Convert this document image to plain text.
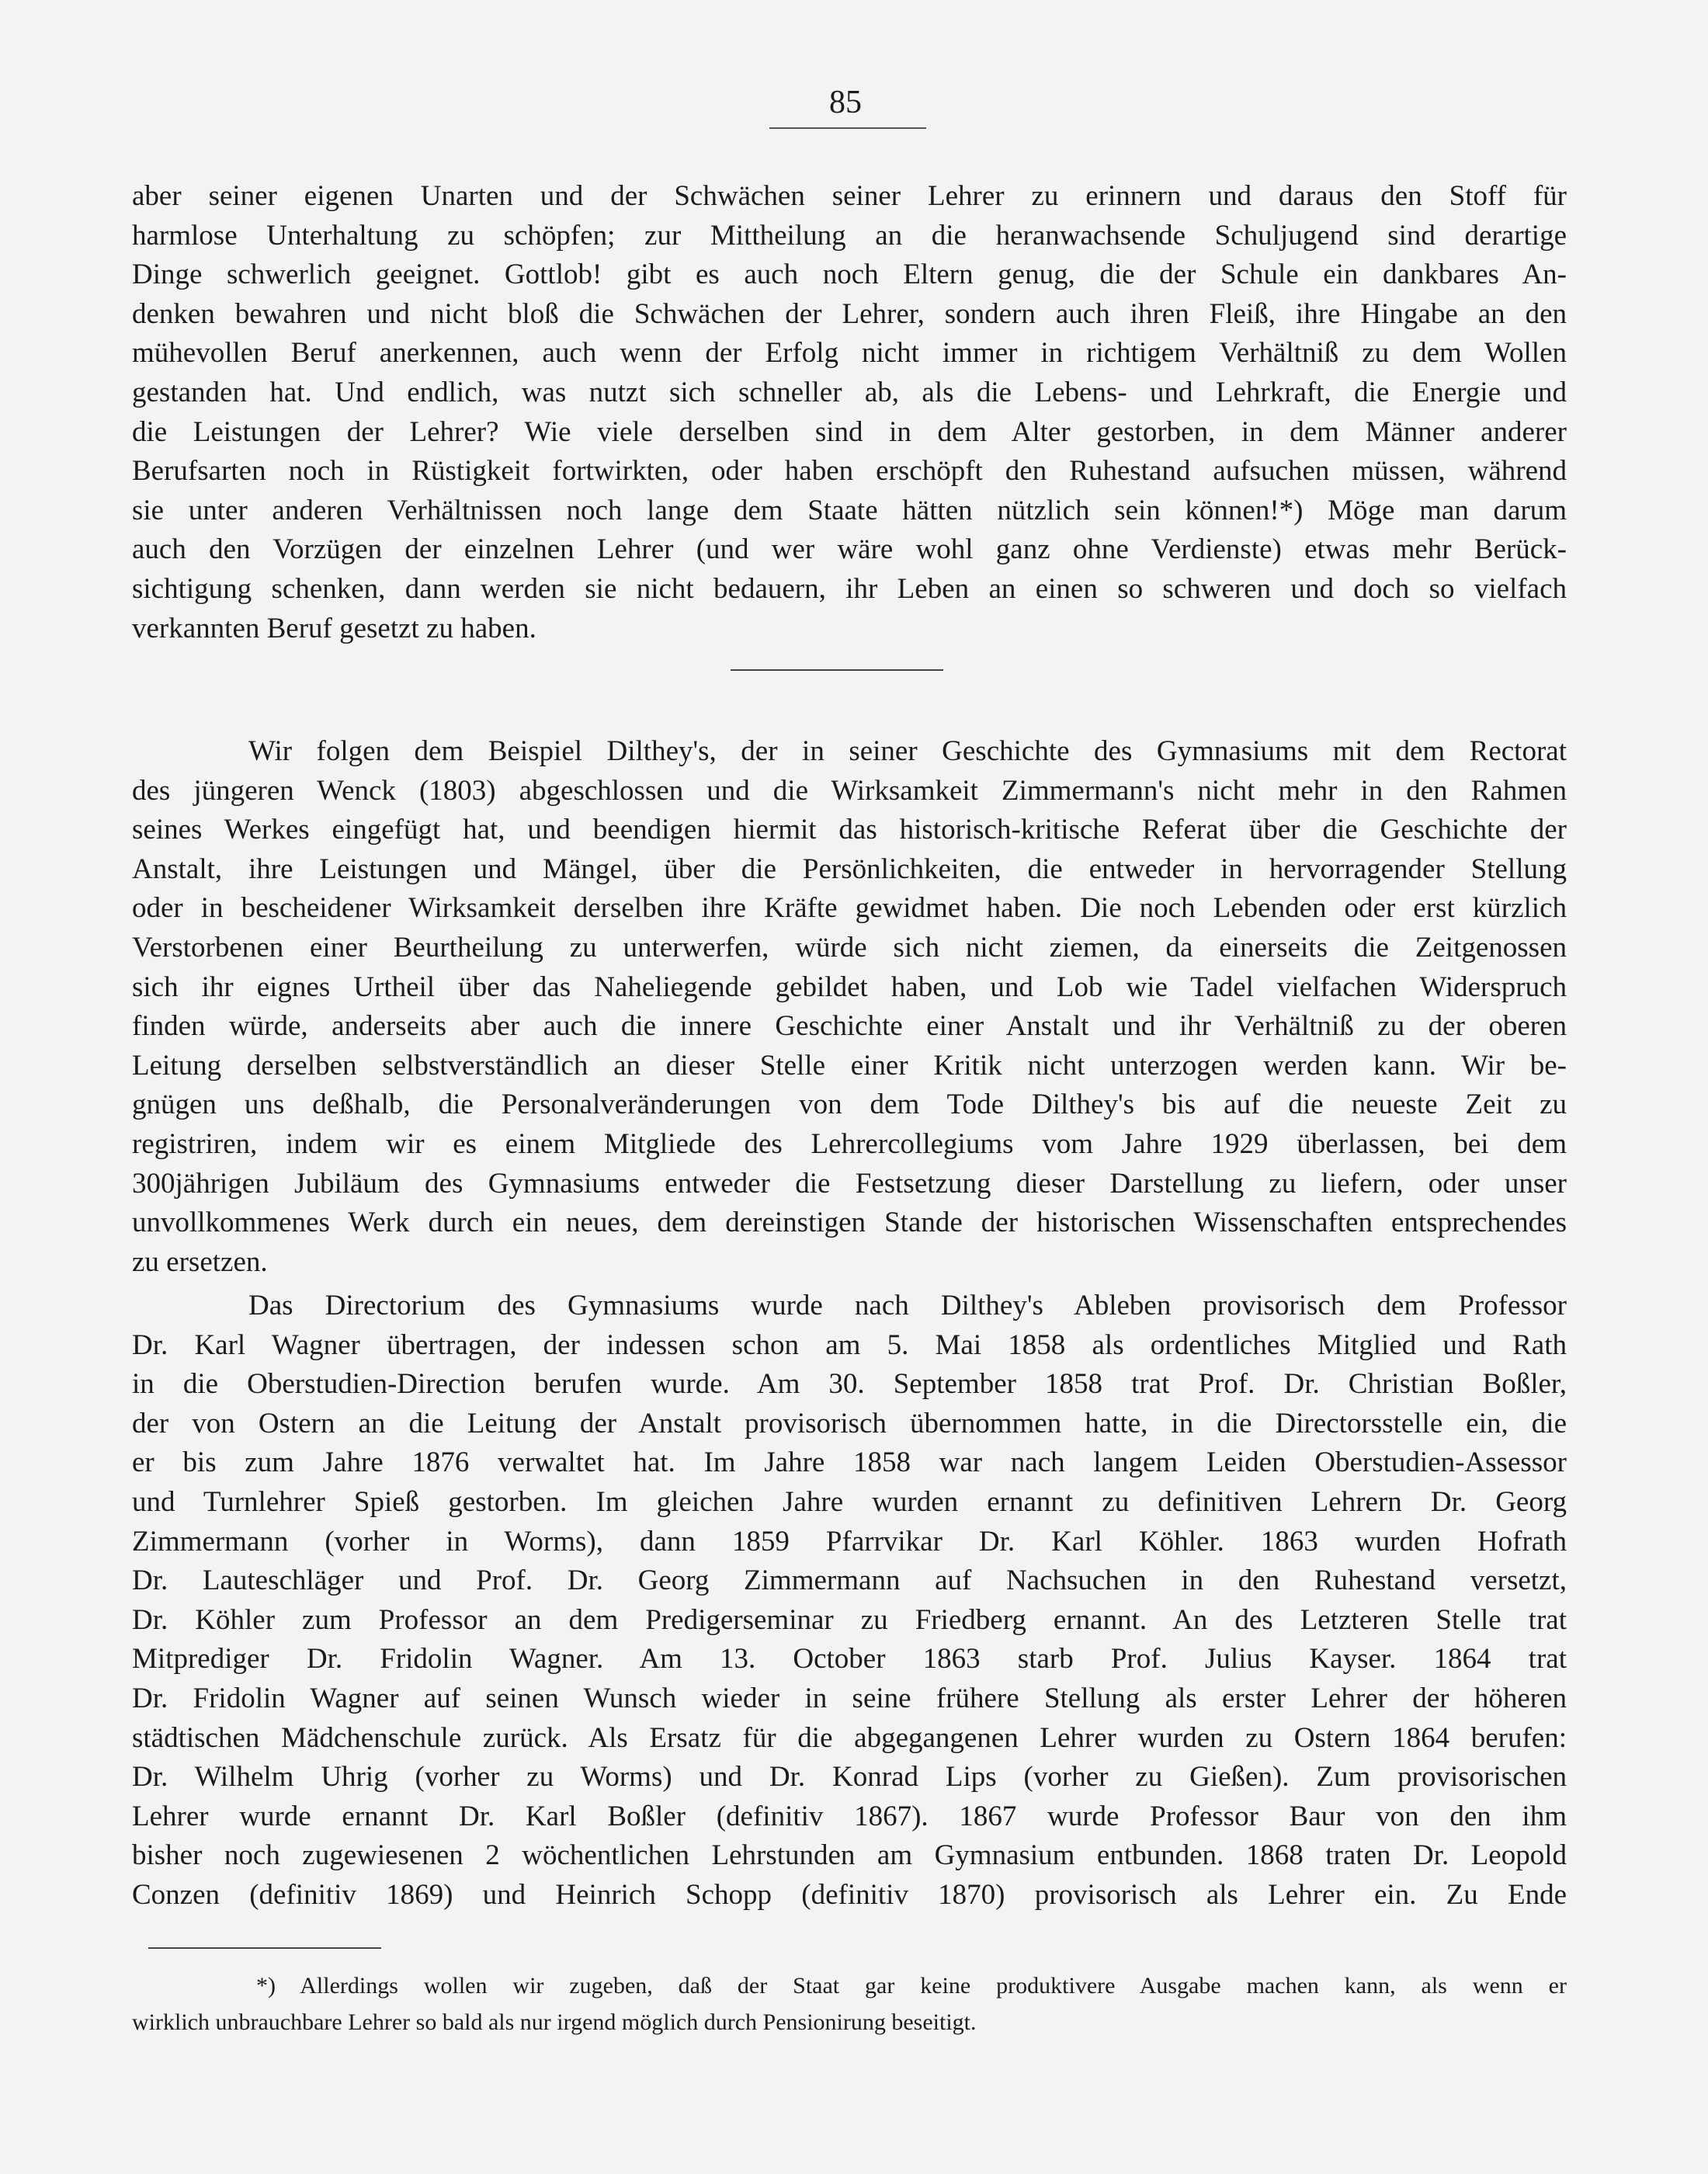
85
aber seiner eigenen Unarten und der Schwächen seiner Lehrer zu erinnern und daraus den Stoff für
harmlose Unterhaltung zu schöpfen; zur Mittheilung an die heranwachsende Schuljugend sind derartige
Dinge schwerlich geeignet. Gottlob! gibt es auch noch Eltern genug, die der Schule ein dankbares An-
denken bewahren und nicht bloß die Schwächen der Lehrer, sondern auch ihren Fleiß, ihre Hingabe an den
mühevollen Beruf anerkennen, auch wenn der Erfolg nicht immer in richtigem Verhältniß zu dem Wollen
gestanden hat. Und endlich, was nutzt sich schneller ab, als die Lebens- und Lehrkraft, die Energie und
die Leistungen der Lehrer? Wie viele derselben sind in dem Alter gestorben, in dem Männer anderer
Berufsarten noch in Rüstigkeit fortwirkten, oder haben erschöpft den Ruhestand aufsuchen müssen, während
sie unter anderen Verhältnissen noch lange dem Staate hätten nützlich sein können!*) Möge man darum
auch den Vorzügen der einzelnen Lehrer (und wer wäre wohl ganz ohne Verdienste) etwas mehr Berück-
sichtigung schenken, dann werden sie nicht bedauern, ihr Leben an einen so schweren und doch so vielfach
verkannten Beruf gesetzt zu haben.
Wir folgen dem Beispiel Dilthey's, der in seiner Geschichte des Gymnasiums mit dem Rectorat
des jüngeren Wenck (1803) abgeschlossen und die Wirksamkeit Zimmermann's nicht mehr in den Rahmen
seines Werkes eingefügt hat, und beendigen hiermit das historisch-kritische Referat über die Geschichte der
Anstalt, ihre Leistungen und Mängel, über die Persönlichkeiten, die entweder in hervorragender Stellung
oder in bescheidener Wirksamkeit derselben ihre Kräfte gewidmet haben. Die noch Lebenden oder erst kürzlich
Verstorbenen einer Beurtheilung zu unterwerfen, würde sich nicht ziemen, da einerseits die Zeitgenossen
sich ihr eignes Urtheil über das Naheliegende gebildet haben, und Lob wie Tadel vielfachen Widerspruch
finden würde, anderseits aber auch die innere Geschichte einer Anstalt und ihr Verhältniß zu der oberen
Leitung derselben selbstverständlich an dieser Stelle einer Kritik nicht unterzogen werden kann. Wir be-
gnügen uns deßhalb, die Personalveränderungen von dem Tode Dilthey's bis auf die neueste Zeit zu
registriren, indem wir es einem Mitgliede des Lehrercollegiums vom Jahre 1929 überlassen, bei dem
300jährigen Jubiläum des Gymnasiums entweder die Festsetzung dieser Darstellung zu liefern, oder unser
unvollkommenes Werk durch ein neues, dem dereinstigen Stande der historischen Wissenschaften entsprechendes
zu ersetzen.
Das Directorium des Gymnasiums wurde nach Dilthey's Ableben provisorisch dem Professor
Dr. Karl Wagner übertragen, der indessen schon am 5. Mai 1858 als ordentliches Mitglied und Rath
in die Oberstudien-Direction berufen wurde. Am 30. September 1858 trat Prof. Dr. Christian Boßler,
der von Ostern an die Leitung der Anstalt provisorisch übernommen hatte, in die Directorsstelle ein, die
er bis zum Jahre 1876 verwaltet hat. Im Jahre 1858 war nach langem Leiden Oberstudien-Assessor
und Turnlehrer Spieß gestorben. Im gleichen Jahre wurden ernannt zu definitiven Lehrern Dr. Georg
Zimmermann (vorher in Worms), dann 1859 Pfarrvikar Dr. Karl Köhler. 1863 wurden Hofrath
Dr. Lauteschläger und Prof. Dr. Georg Zimmermann auf Nachsuchen in den Ruhestand versetzt,
Dr. Köhler zum Professor an dem Predigerseminar zu Friedberg ernannt. An des Letzteren Stelle trat
Mitprediger Dr. Fridolin Wagner. Am 13. October 1863 starb Prof. Julius Kayser. 1864 trat
Dr. Fridolin Wagner auf seinen Wunsch wieder in seine frühere Stellung als erster Lehrer der höheren
städtischen Mädchenschule zurück. Als Ersatz für die abgegangenen Lehrer wurden zu Ostern 1864 berufen:
Dr. Wilhelm Uhrig (vorher zu Worms) und Dr. Konrad Lips (vorher zu Gießen). Zum provisorischen
Lehrer wurde ernannt Dr. Karl Boßler (definitiv 1867). 1867 wurde Professor Baur von den ihm
bisher noch zugewiesenen 2 wöchentlichen Lehrstunden am Gymnasium entbunden. 1868 traten Dr. Leopold
Conzen (definitiv 1869) und Heinrich Schopp (definitiv 1870) provisorisch als Lehrer ein. Zu Ende
*) Allerdings wollen wir zugeben, daß der Staat gar keine produktivere Ausgabe machen kann, als wenn er
wirklich unbrauchbare Lehrer so bald als nur irgend möglich durch Pensionirung beseitigt.
